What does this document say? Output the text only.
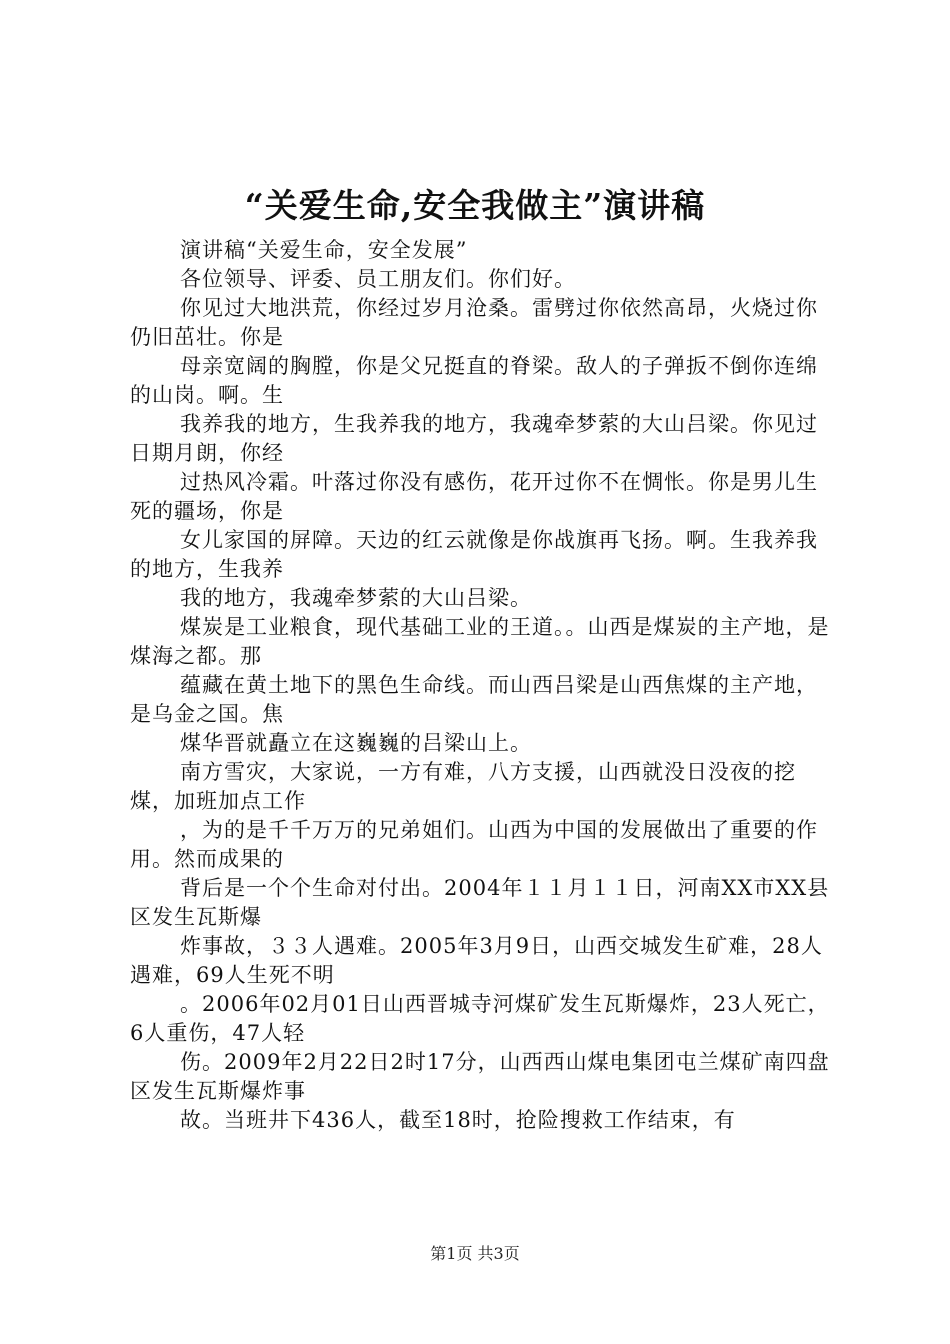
“关爱生命,安全我做主”演讲稿

演讲稿“关爱生命，安全发展”

各位领导、评委、员工朋友们。你们好。

你见过大地洪荒，你经过岁月沧桑。雷劈过你依然高昂，火烧过你仍旧茁壮。你是

母亲宽阔的胸膛，你是父兄挺直的脊梁。敌人的子弹扳不倒你连绵的山岗。啊。生

我养我的地方，生我养我的地方，我魂牵梦萦的大山吕梁。你见过日期月朗，你经

过热风冷霜。叶落过你没有感伤，花开过你不在惆怅。你是男儿生死的疆场，你是

女儿家国的屏障。天边的红云就像是你战旗再飞扬。啊。生我养我的地方，生我养

我的地方，我魂牵梦萦的大山吕梁。

煤炭是工业粮食，现代基础工业的王道。。山西是煤炭的主产地，是煤海之都。那

蕴藏在黄土地下的黑色生命线。而山西吕梁是山西焦煤的主产地，是乌金之国。焦

煤华晋就矗立在这巍巍的吕梁山上。

南方雪灾，大家说，一方有难，八方支援，山西就没日没夜的挖煤，加班加点工作

，为的是千千万万的兄弟姐们。山西为中国的发展做出了重要的作用。然而成果的

背后是一个个生命对付出。2004年１１月１１日，河南XX市XX县区发生瓦斯爆

炸事故，３３人遇难。2005年3月9日，山西交城发生矿难，28人遇难，69人生死不明

。2006年02月01日山西晋城寺河煤矿发生瓦斯爆炸，23人死亡，6人重伤，47人轻

伤。2009年2月22日2时17分，山西西山煤电集团屯兰煤矿南四盘区发生瓦斯爆炸事

故。当班井下436人，截至18时，抢险搜救工作结束，有

第1页 共3页
